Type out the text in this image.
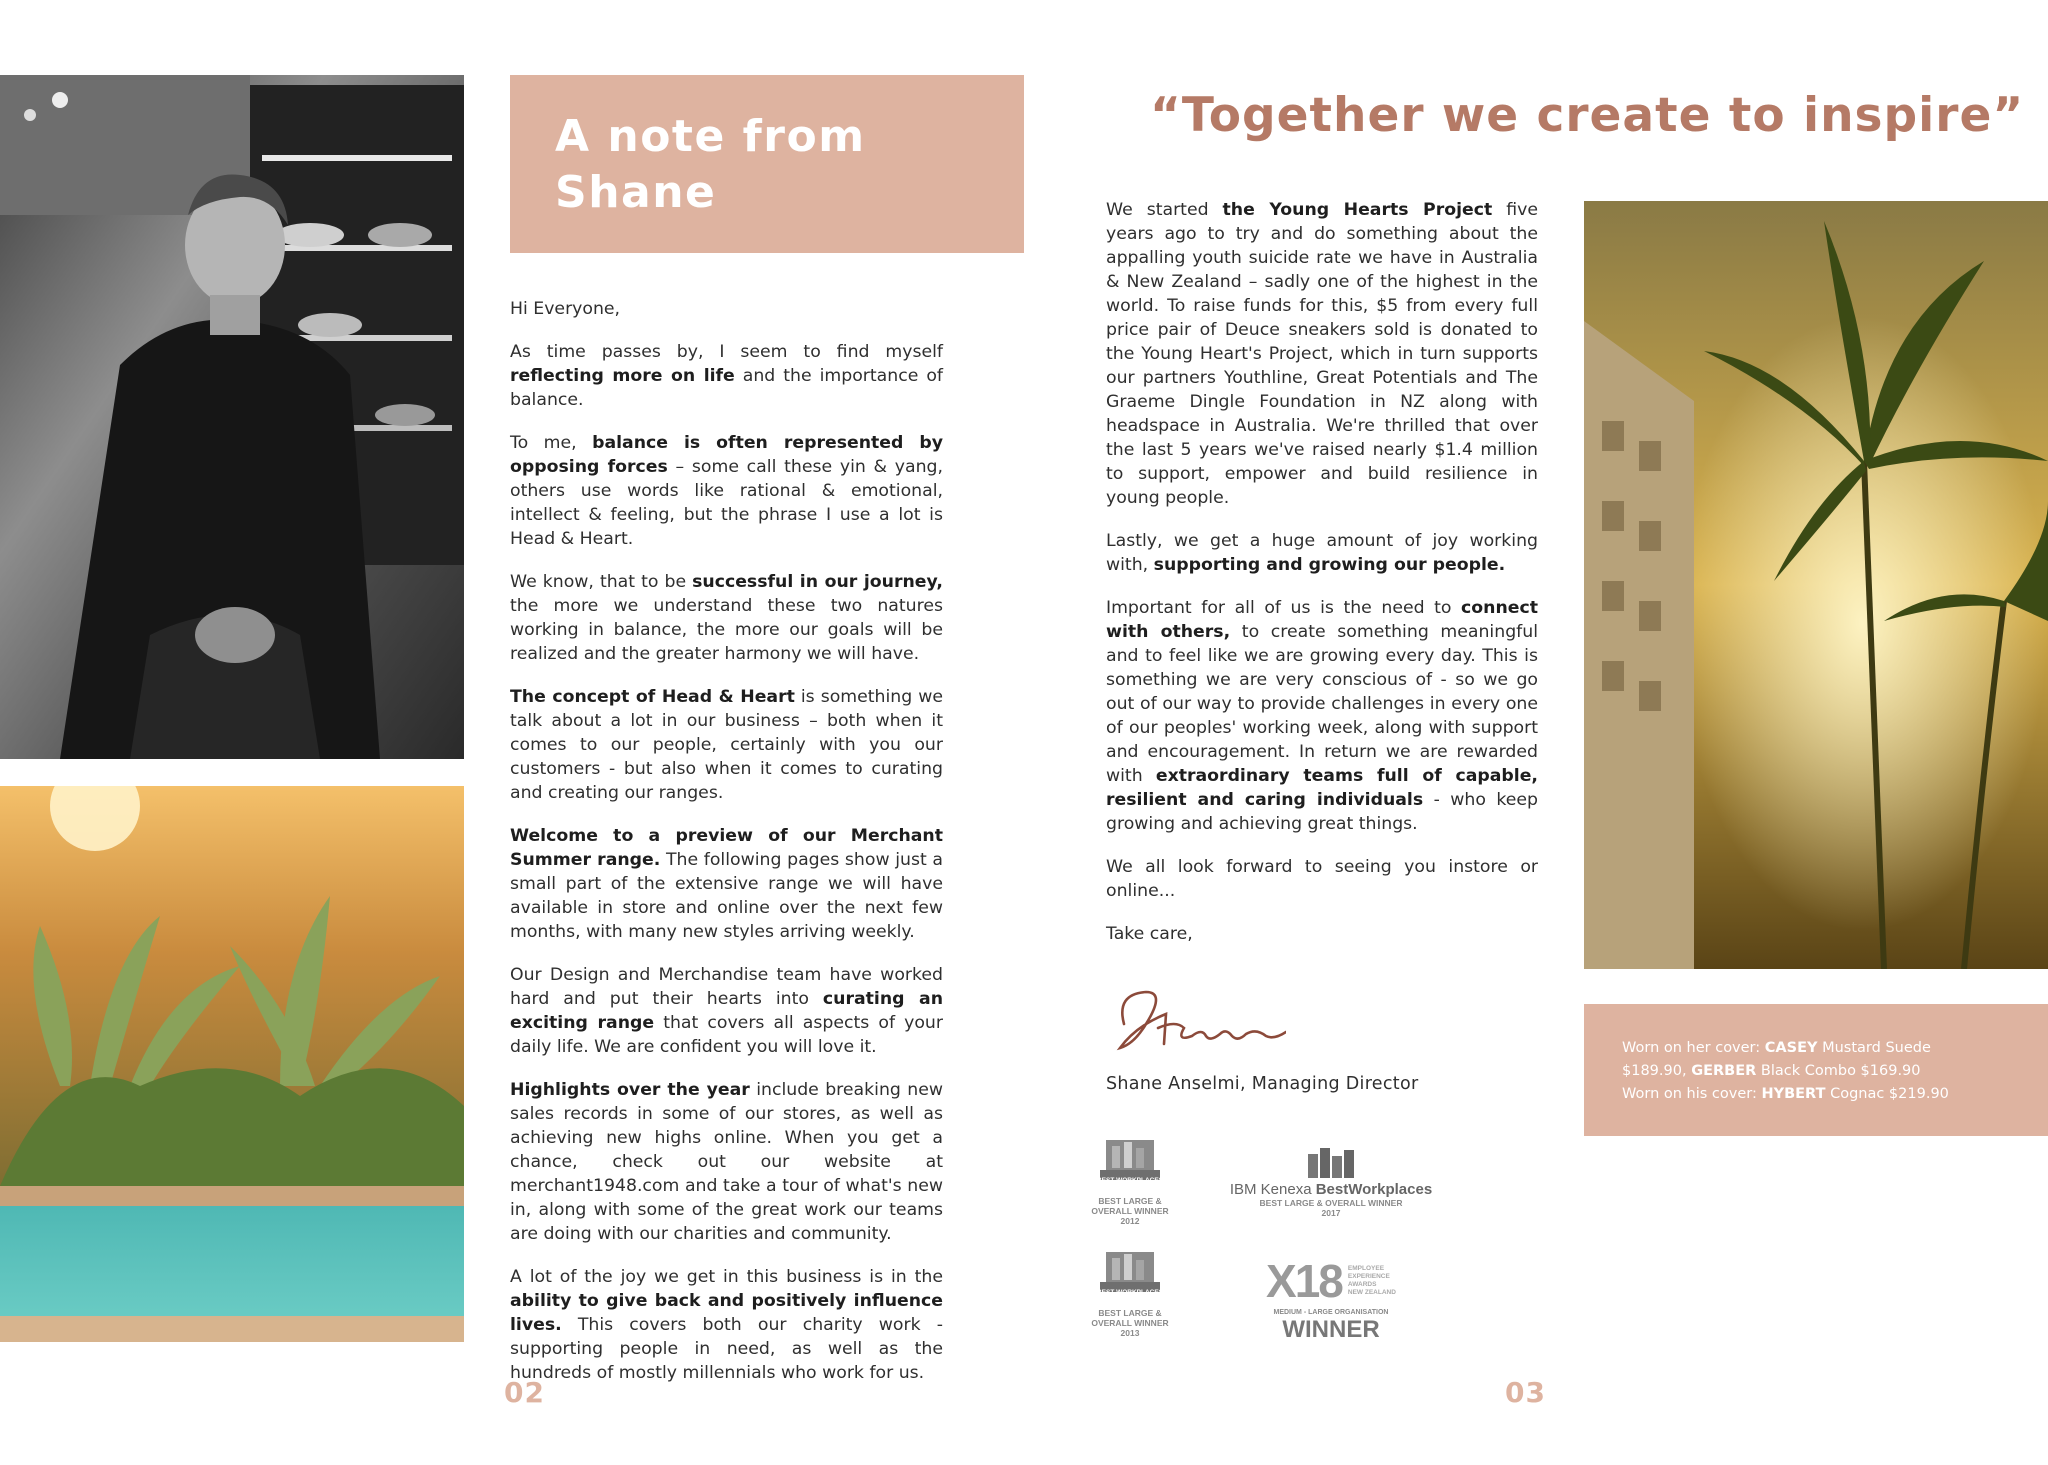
A note from Shane

Hi Everyone,

As time passes by, I seem to find myself reflecting more on life and the importance of balance.

To me, balance is often represented by opposing forces – some call these yin & yang, others use words like rational & emotional, intellect & feeling, but the phrase I use a lot is Head & Heart.

We know, that to be successful in our journey, the more we understand these two natures working in balance, the more our goals will be realized and the greater harmony we will have.

The concept of Head & Heart is something we talk about a lot in our business – both when it comes to our people, certainly with you our customers - but also when it comes to curating and creating our ranges.

Welcome to a preview of our Merchant Summer range. The following pages show just a small part of the extensive range we will have available in store and online over the next few months, with many new styles arriving weekly.

Our Design and Merchandise team have worked hard and put their hearts into curating an exciting range that covers all aspects of your daily life. We are confident you will love it.

Highlights over the year include breaking new sales records in some of our stores, as well as achieving new highs online. When you get a chance, check out our website at merchant1948.com and take a tour of what's new in, along with some of the great work our teams are doing with our charities and community.

A lot of the joy we get in this business is in the ability to give back and positively influence lives. This covers both our charity work - supporting people in need, as well as the hundreds of mostly millennials who work for us.

02
“Together we create to inspire”

We started the Young Hearts Project five years ago to try and do something about the appalling youth suicide rate we have in Australia & New Zealand – sadly one of the highest in the world. To raise funds for this, $5 from every full price pair of Deuce sneakers sold is donated to the Young Heart's Project, which in turn supports our partners Youthline, Great Potentials and The Graeme Dingle Foundation in NZ along with headspace in Australia. We're thrilled that over the last 5 years we've raised nearly $1.4 million to support, empower and build resilience in young people.

Lastly, we get a huge amount of joy working with, supporting and growing our people.

Important for all of us is the need to connect with others, to create something meaningful and to feel like we are growing every day. This is something we are very conscious of - so we go out of our way to provide challenges in every one of our peoples' working week, along with support and encouragement. In return we are rewarded with extraordinary teams full of capable, resilient and caring individuals - who keep growing and achieving great things.

We all look forward to seeing you instore or online...

Take care,

Shane Anselmi, Managing Director
BEST WORKPLACES
BEST LARGE &
OVERALL WINNER
2012
IBM Kenexa BestWorkplaces
BEST LARGE & OVERALL WINNER
2017
BEST WORKPLACES
BEST LARGE &
OVERALL WINNER
2013
X18 EMPLOYEE
EXPERIENCE
AWARDS
NEW ZEALAND
MEDIUM - LARGE ORGANISATION
WINNER
03
Worn on her cover: CASEY Mustard Suede
$189.90, GERBER Black Combo $169.90
Worn on his cover: HYBERT Cognac $219.90
